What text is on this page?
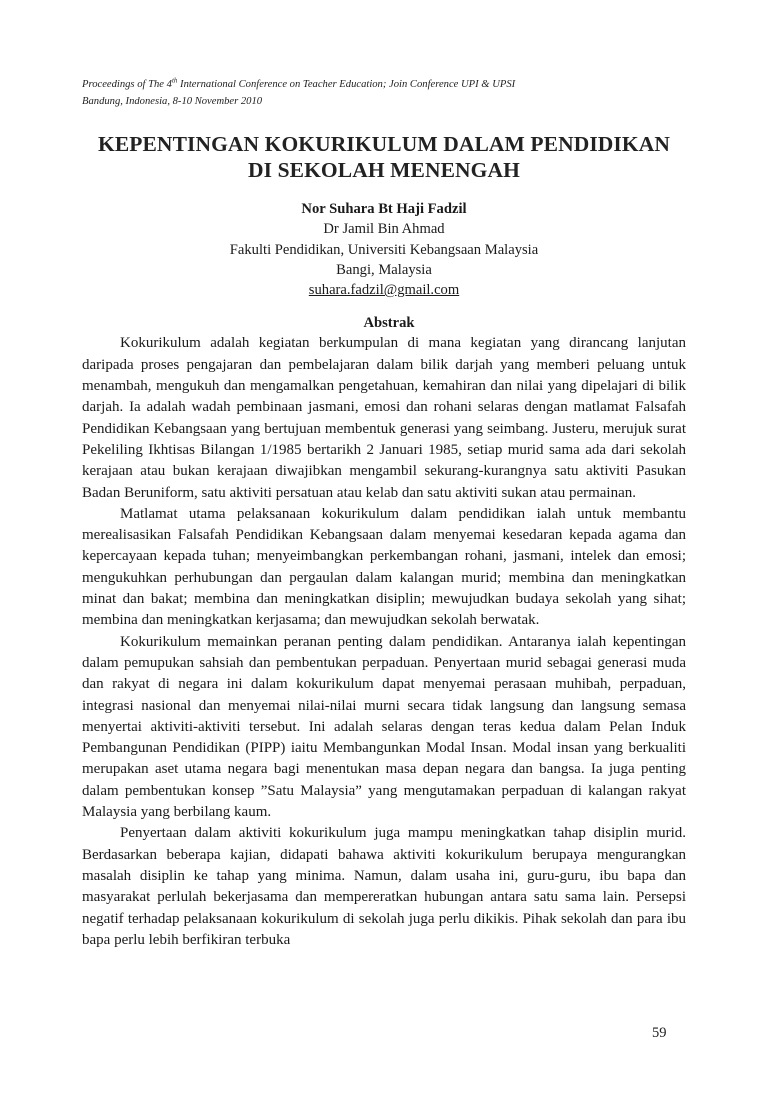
Proceedings of The 4th International Conference on Teacher Education; Join Conference UPI & UPSI
Bandung, Indonesia, 8-10 November 2010
KEPENTINGAN KOKURIKULUM DALAM PENDIDIKAN
DI SEKOLAH MENENGAH
Nor Suhara Bt Haji Fadzil
Dr Jamil Bin Ahmad
Fakulti Pendidikan, Universiti Kebangsaan Malaysia
Bangi, Malaysia
suhara.fadzil@gmail.com
Abstrak

Kokurikulum adalah kegiatan berkumpulan di mana kegiatan yang dirancang lanjutan daripada proses pengajaran dan pembelajaran dalam bilik darjah yang memberi peluang untuk menambah, mengukuh dan mengamalkan pengetahuan, kemahiran dan nilai yang dipelajari di bilik darjah. Ia adalah wadah pembinaan jasmani, emosi dan rohani selaras dengan matlamat Falsafah Pendidikan Kebangsaan yang bertujuan membentuk generasi yang seimbang. Justeru, merujuk surat Pekeliling Ikhtisas Bilangan 1/1985 bertarikh 2 Januari 1985, setiap murid sama ada dari sekolah kerajaan atau bukan kerajaan diwajibkan mengambil sekurang-kurangnya satu aktiviti Pasukan Badan Beruniform, satu aktiviti persatuan atau kelab dan satu aktiviti sukan atau permainan.

Matlamat utama pelaksanaan kokurikulum dalam pendidikan ialah untuk membantu merealisasikan Falsafah Pendidikan Kebangsaan dalam menyemai kesedaran kepada agama dan kepercayaan kepada tuhan; menyeimbangkan perkembangan rohani, jasmani, intelek dan emosi; mengukuhkan perhubungan dan pergaulan dalam kalangan murid; membina dan meningkatkan minat dan bakat; membina dan meningkatkan disiplin; mewujudkan budaya sekolah yang sihat; membina dan meningkatkan kerjasama; dan mewujudkan sekolah berwatak.

Kokurikulum memainkan peranan penting dalam pendidikan. Antaranya ialah kepentingan dalam pemupukan sahsiah dan pembentukan perpaduan. Penyertaan murid sebagai generasi muda dan rakyat di negara ini dalam kokurikulum dapat menyemai perasaan muhibah, perpaduan, integrasi nasional dan menyemai nilai-nilai murni secara tidak langsung dan langsung semasa menyertai aktiviti-aktiviti tersebut. Ini adalah selaras dengan teras kedua dalam Pelan Induk Pembangunan Pendidikan (PIPP) iaitu Membangunkan Modal Insan. Modal insan yang berkualiti merupakan aset utama negara bagi menentukan masa depan negara dan bangsa. Ia juga penting dalam pembentukan konsep ”Satu Malaysia” yang mengutamakan perpaduan di kalangan rakyat Malaysia yang berbilang kaum.

Penyertaan dalam aktiviti kokurikulum juga mampu meningkatkan tahap disiplin murid. Berdasarkan beberapa kajian, didapati bahawa aktiviti kokurikulum berupaya mengurangkan masalah disiplin ke tahap yang minima. Namun, dalam usaha ini, guru-guru, ibu bapa dan masyarakat perlulah bekerjasama dan mempereratkan hubungan antara satu sama lain. Persepsi negatif terhadap pelaksanaan kokurikulum di sekolah juga perlu dikikis. Pihak sekolah dan para ibu bapa perlu lebih berfikiran terbuka

59
